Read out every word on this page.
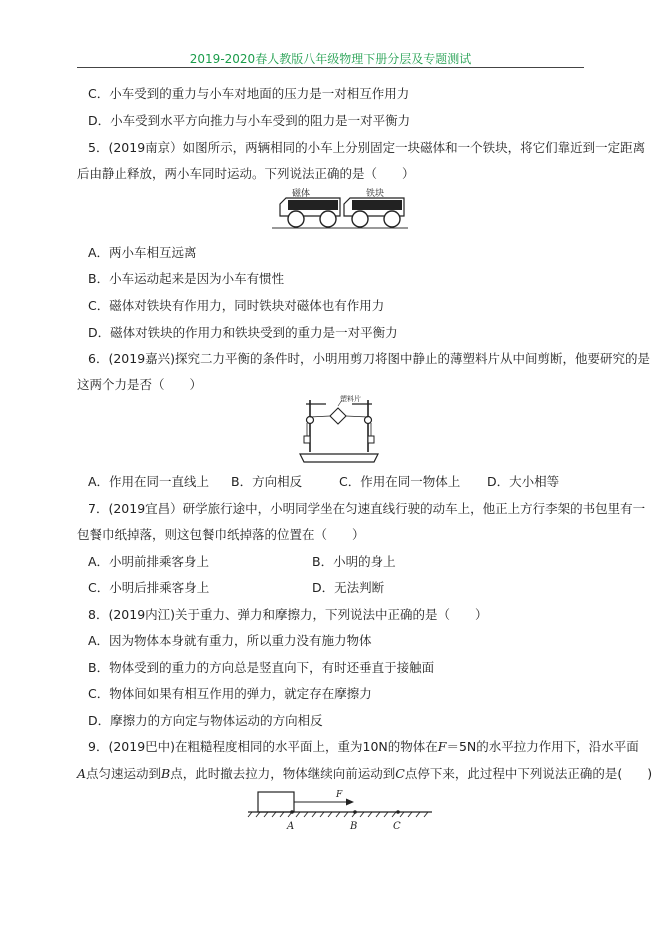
2019-2020春人教版八年级物理下册分层及专题测试
C．小车受到的重力与小车对地面的压力是一对相互作用力
D．小车受到水平方向推力与小车受到的阻力是一对平衡力
5．(2019南京）如图所示，两辆相同的小车上分别固定一块磁体和一个铁块，将它们靠近到一定距离
后由静止释放，两小车同时运动。下列说法正确的是（　　）
磁体	铁块
A．两小车相互远离
B．小车运动起来是因为小车有惯性
C．磁体对铁块有作用力，同时铁块对磁体也有作用力
D．磁体对铁块的作用力和铁块受到的重力是一对平衡力
6．(2019嘉兴)探究二力平衡的条件时，小明用剪刀将图中静止的薄塑料片从中间剪断，他要研究的是
这两个力是否（　　）
塑料片
A．作用在同一直线上 B．方向相反	C．作用在同一物体上 D．大小相等
7．(2019宜昌）研学旅行途中，小明同学坐在匀速直线行驶的动车上，他正上方行李架的书包里有一
包餐巾纸掉落，则这包餐巾纸掉落的位置在（　　）
A．小明前排乘客身上	B．小明的身上
C．小明后排乘客身上	D．无法判断
8．(2019内江)关于重力、弹力和摩擦力，下列说法中正确的是（　　）
A．因为物体本身就有重力，所以重力没有施力物体
B．物体受到的重力的方向总是竖直向下，有时还垂直于接触面
C．物体间如果有相互作用的弹力，就定存在摩擦力
D．摩擦力的方向定与物体运动的方向相反
9．(2019巴中)在粗糙程度相同的水平面上，重为10N的物体在F＝5N的水平拉力作用下，沿水平面
A点匀速运动到B点，此时撤去拉力，物体继续向前运动到C点停下来，此过程中下列说法正确的是(　　)
F
A	B	C
